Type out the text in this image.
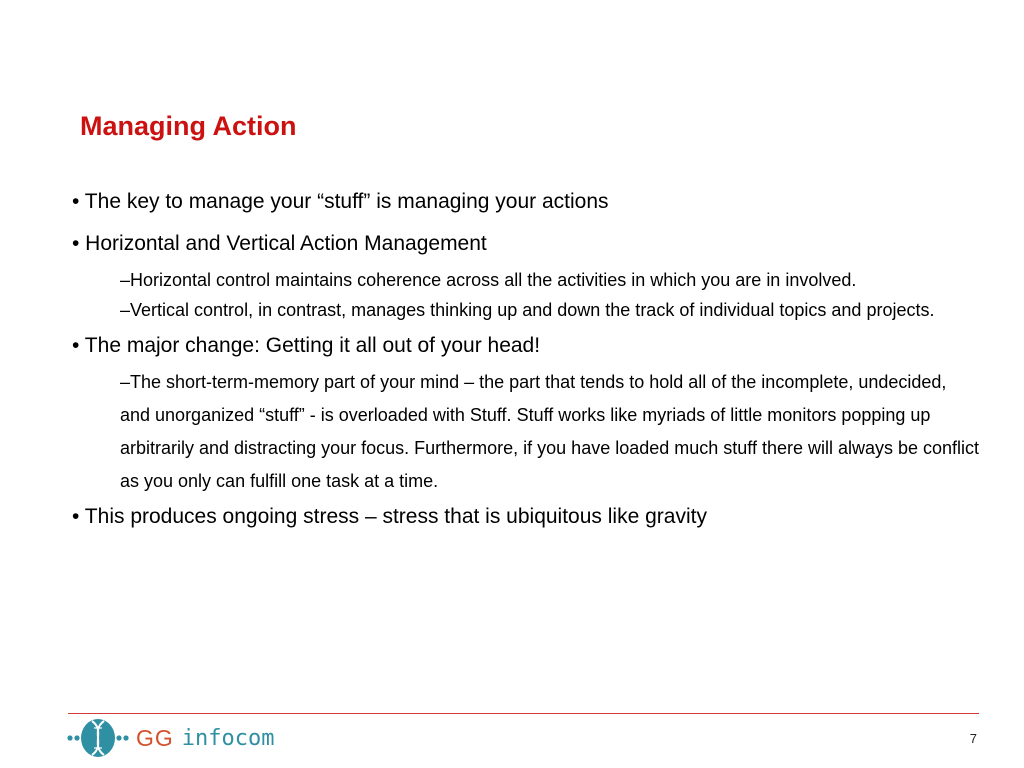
Managing Action

• The key to manage your “stuff” is managing your actions

• Horizontal and Vertical Action Management

–Horizontal control maintains coherence across all the activities in which you are in involved.

–Vertical control, in contrast, manages thinking up and down the track of individual topics and projects.

• The major change: Getting it all out of your head!

–The short-term-memory part of your mind – the part that tends to hold all of the incomplete, undecided, and unorganized “stuff” - is overloaded with Stuff. Stuff works like myriads of little monitors popping up arbitrarily and distracting your focus. Furthermore, if you have loaded much stuff there will always be conflict as you only can fulfill one task at a time.

• This produces ongoing stress – stress that is ubiquitous like gravity

GG infocom	7
